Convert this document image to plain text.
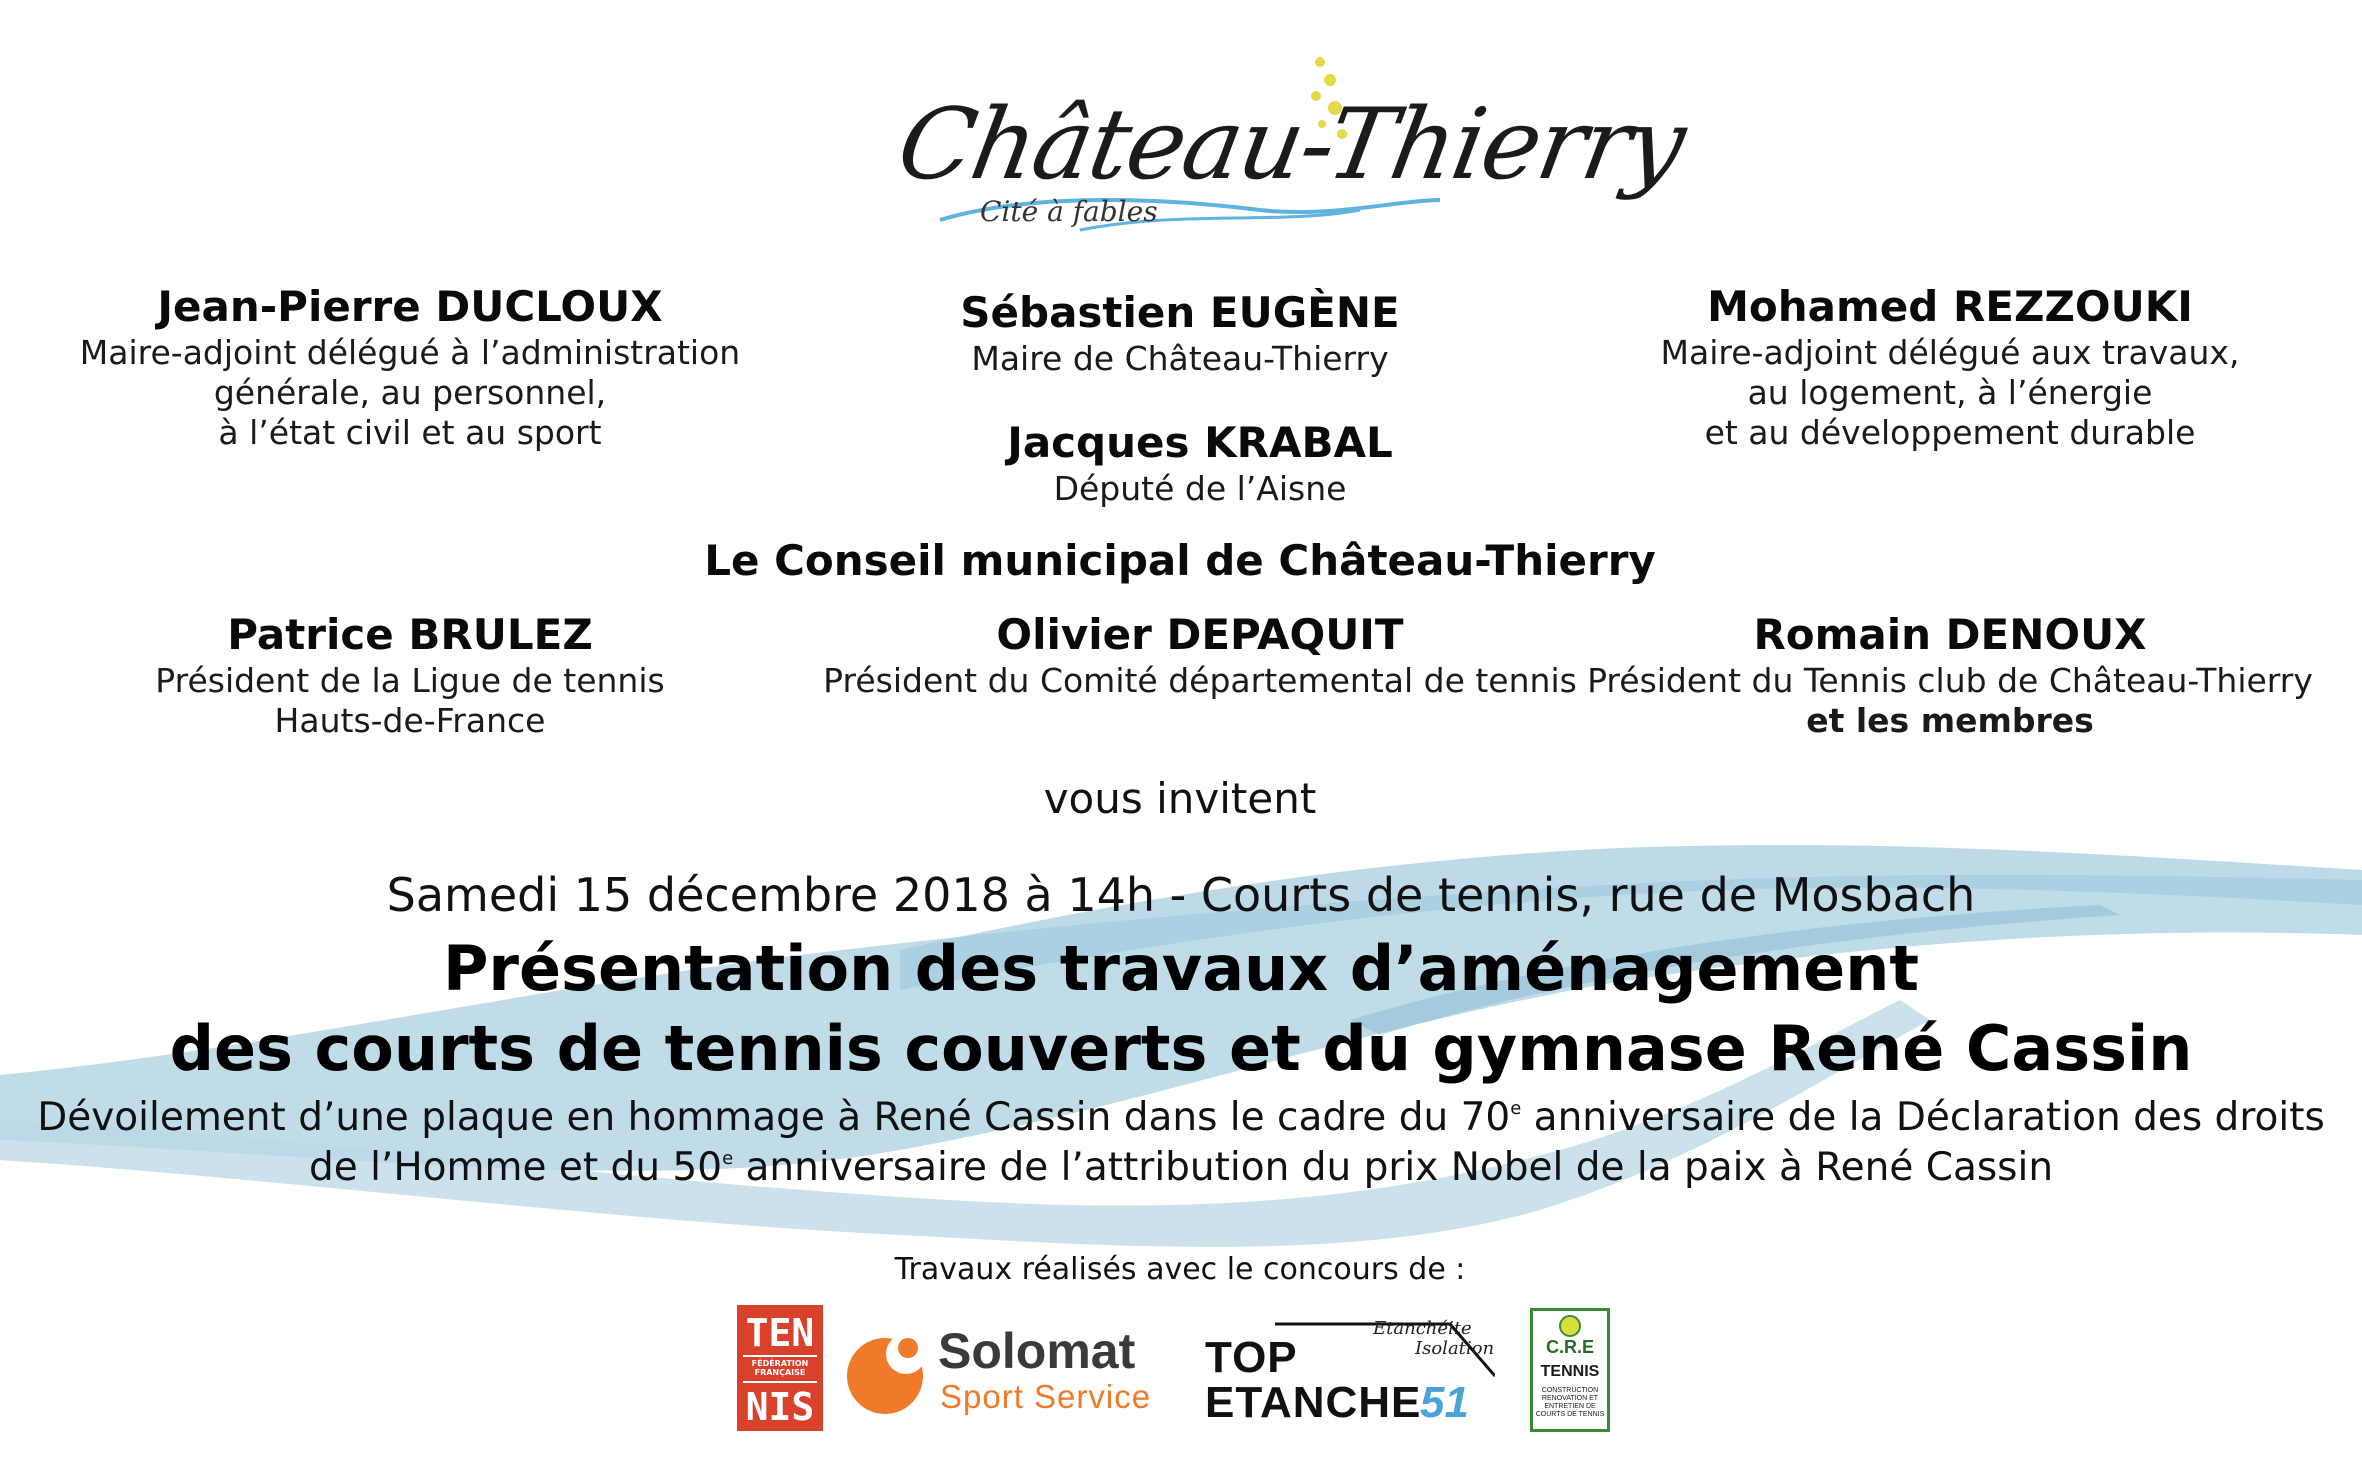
Château-Thierry
Cité à fables
Jean-Pierre DUCLOUX
Maire-adjoint délégué à l’administration
générale, au personnel,
à l’état civil et au sport
Sébastien EUGÈNE
Maire de Château-Thierry
Mohamed REZZOUKI
Maire-adjoint délégué aux travaux,
au logement, à l’énergie
et au développement durable
Jacques KRABAL
Député de l’Aisne
Le Conseil municipal de Château-Thierry
Patrice BRULEZ
Président de la Ligue de tennis
Hauts-de-France
Olivier DEPAQUIT
Président du Comité départemental de tennis
Romain DENOUX
Président du Tennis club de Château-Thierry
et les membres
vous invitent
Samedi 15 décembre 2018 à 14h - Courts de tennis, rue de Mosbach
Présentation des travaux d’aménagement
des courts de tennis couverts et du gymnase René Cassin
Dévoilement d’une plaque en hommage à René Cassin dans le cadre du 70e anniversaire de la Déclaration des droits
de l’Homme et du 50e anniversaire de l’attribution du prix Nobel de la paix à René Cassin
Travaux réalisés avec le concours de :
TEN
FÉDÉRATION FRANÇAISE
NIS
Solomat
Sport Service
Etanchéite
Isolation
TOP
ETANCHE
51
C.R.E
TENNIS
CONSTRUCTION RENOVATION ET ENTRETIEN DE COURTS DE TENNIS
